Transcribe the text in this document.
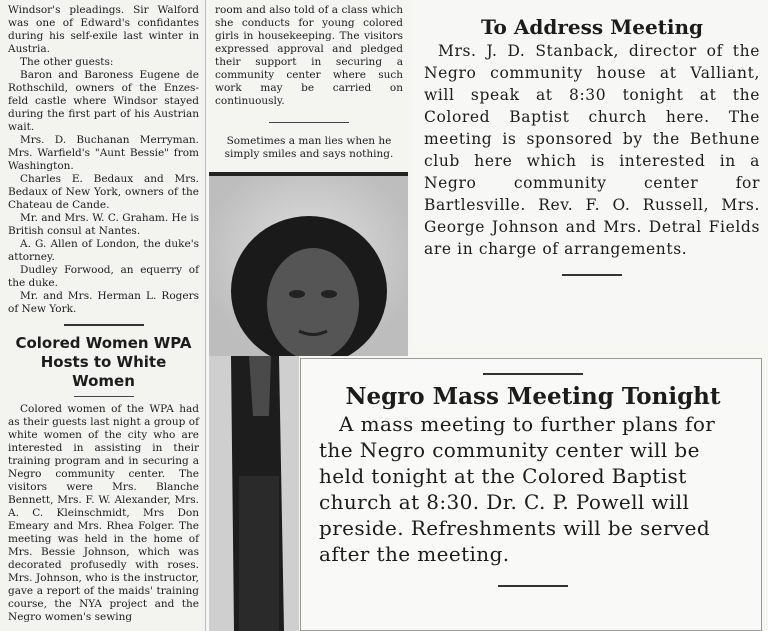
Windsor's pleadings. Sir Walford was one of Edward's confidantes during his self-exile last winter in Austria.

The other guests:

Baron and Baroness Eugene de Rothschild, owners of the Enzes-feld castle where Windsor stayed during the first part of his Austrian wait.

Mrs. D. Buchanan Merryman. Mrs. Warfield's "Aunt Bessie" from Washington.

Charles E. Bedaux and Mrs. Bedaux of New York, owners of the Chateau de Cande.

Mr. and Mrs. W. C. Graham. He is British consul at Nantes.

A. G. Allen of London, the duke's attorney.

Dudley Forwood, an equerry of the duke.

Mr. and Mrs. Herman L. Rogers of New York.

Colored Women WPA
Hosts to White Women

Colored women of the WPA had as their guests last night a group of white women of the city who are interested in assisting in their training program and in securing a Negro community center. The visitors were Mrs. Blanche Bennett, Mrs. F. W. Alexander, Mrs. A. C. Kleinschmidt, Mrs Don Emeary and Mrs. Rhea Folger. The meeting was held in the home of Mrs. Bessie Johnson, which was decorated profusedly with roses. Mrs. Johnson, who is the instructor, gave a report of the maids' training course, the NYA project and the Negro women's sewing

room and also told of a class which she conducts for young colored girls in housekeeping. The visitors expressed approval and pledged their support in securing a community center where such work may be carried on continuously.

Sometimes a man lies when he simply smiles and says nothing.

To Address Meeting

Mrs. J. D. Stanback, director of the Negro community house at Valliant, will speak at 8:30 tonight at the Colored Baptist church here. The meeting is sponsored by the Bethune club here which is interested in a Negro community center for Bartlesville. Rev. F. O. Russell, Mrs. George Johnson and Mrs. Detral Fields are in charge of arrangements.

Negro Mass Meeting Tonight

A mass meeting to further plans for the Negro community center will be held tonight at the Colored Baptist church at 8:30. Dr. C. P. Powell will preside. Refreshments will be served after the meeting.
